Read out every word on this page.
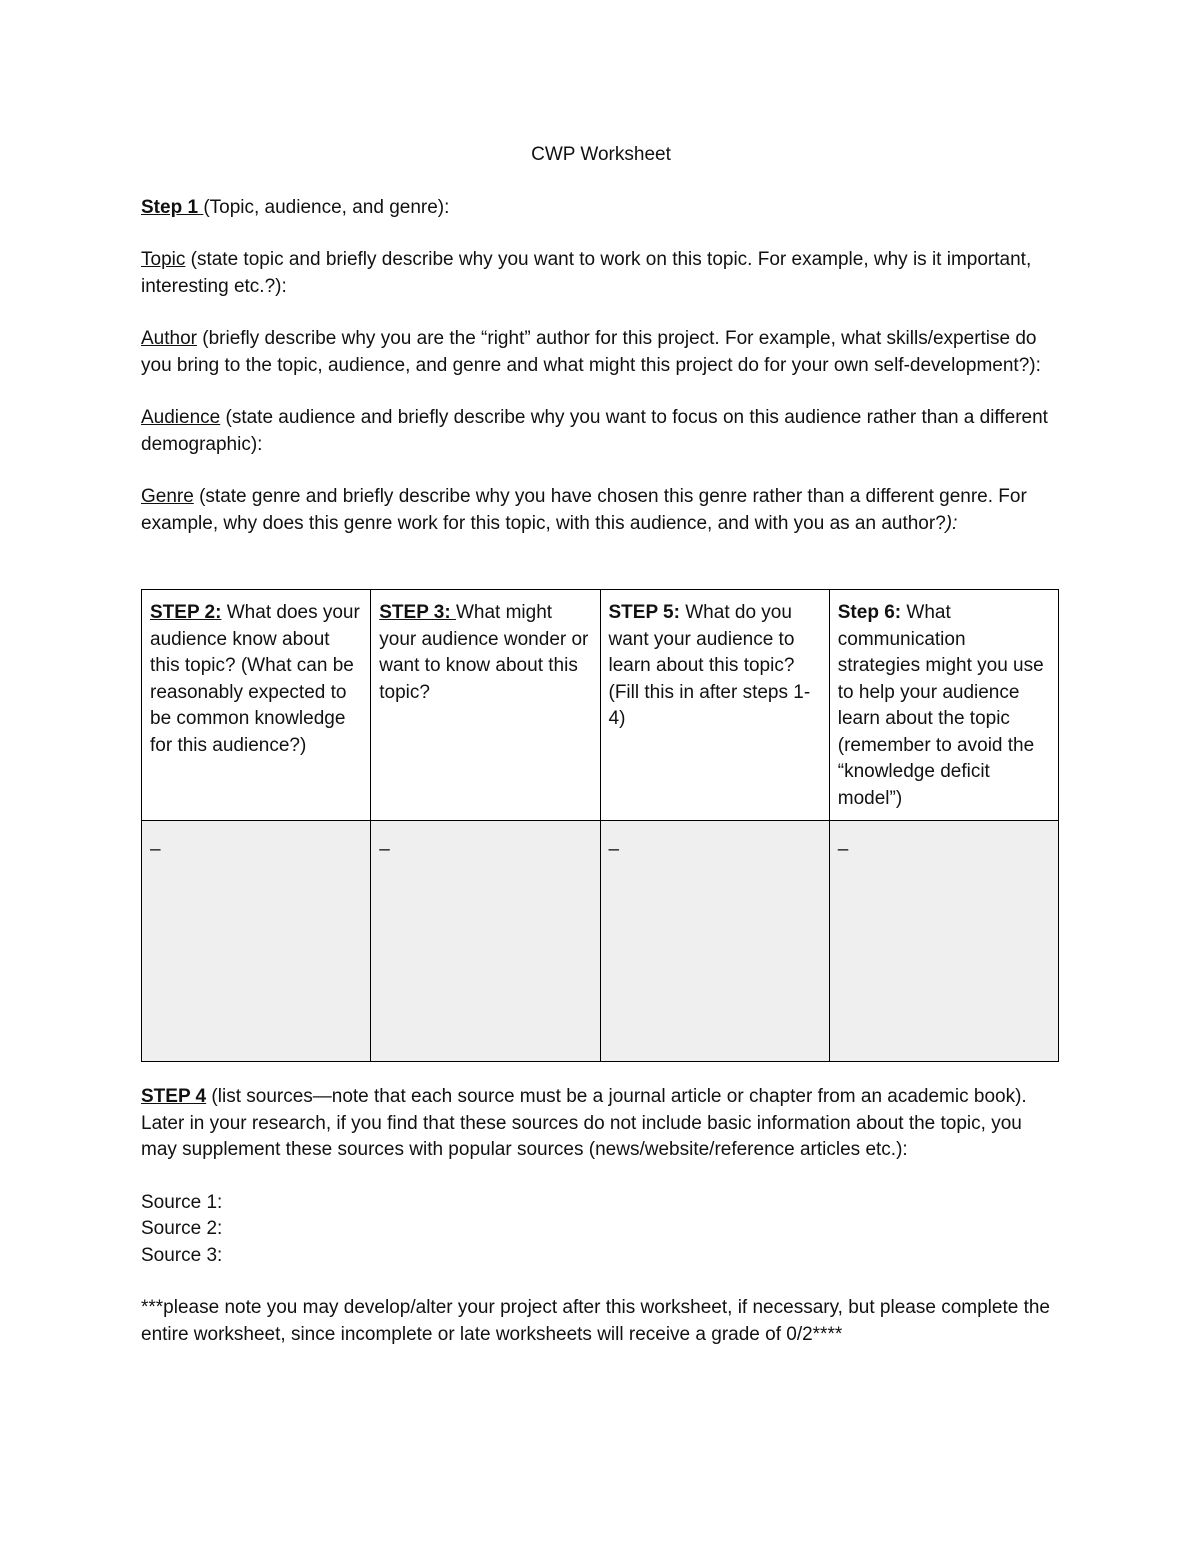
CWP Worksheet

Step 1 (Topic, audience, and genre):

Topic (state topic and briefly describe why you want to work on this topic. For example, why is it important, interesting etc.?):

Author (briefly describe why you are the “right” author for this project. For example, what skills/expertise do you bring to the topic, audience, and genre and what might this project do for your own self-development?):

Audience (state audience and briefly describe why you want to focus on this audience rather than a different demographic):

Genre (state genre and briefly describe why you have chosen this genre rather than a different genre. For example, why does this genre work for this topic, with this audience, and with you as an author?):

STEP 2: What does your audience know about this topic? (What can be reasonably expected to be common knowledge for this audience?)	STEP 3: What might your audience wonder or want to know about this topic?	STEP 5: What do you want your audience to learn about this topic? (Fill this in after steps 1-4)	Step 6: What communication strategies might you use to help your audience learn about the topic (remember to avoid the “knowledge deficit model”)
–	–	–	–

STEP 4 (list sources—note that each source must be a journal article or chapter from an academic book). Later in your research, if you find that these sources do not include basic information about the topic, you may supplement these sources with popular sources (news/website/reference articles etc.):

Source 1:

Source 2:

Source 3:

***please note you may develop/alter your project after this worksheet, if necessary, but please complete the entire worksheet, since incomplete or late worksheets will receive a grade of 0/2****
